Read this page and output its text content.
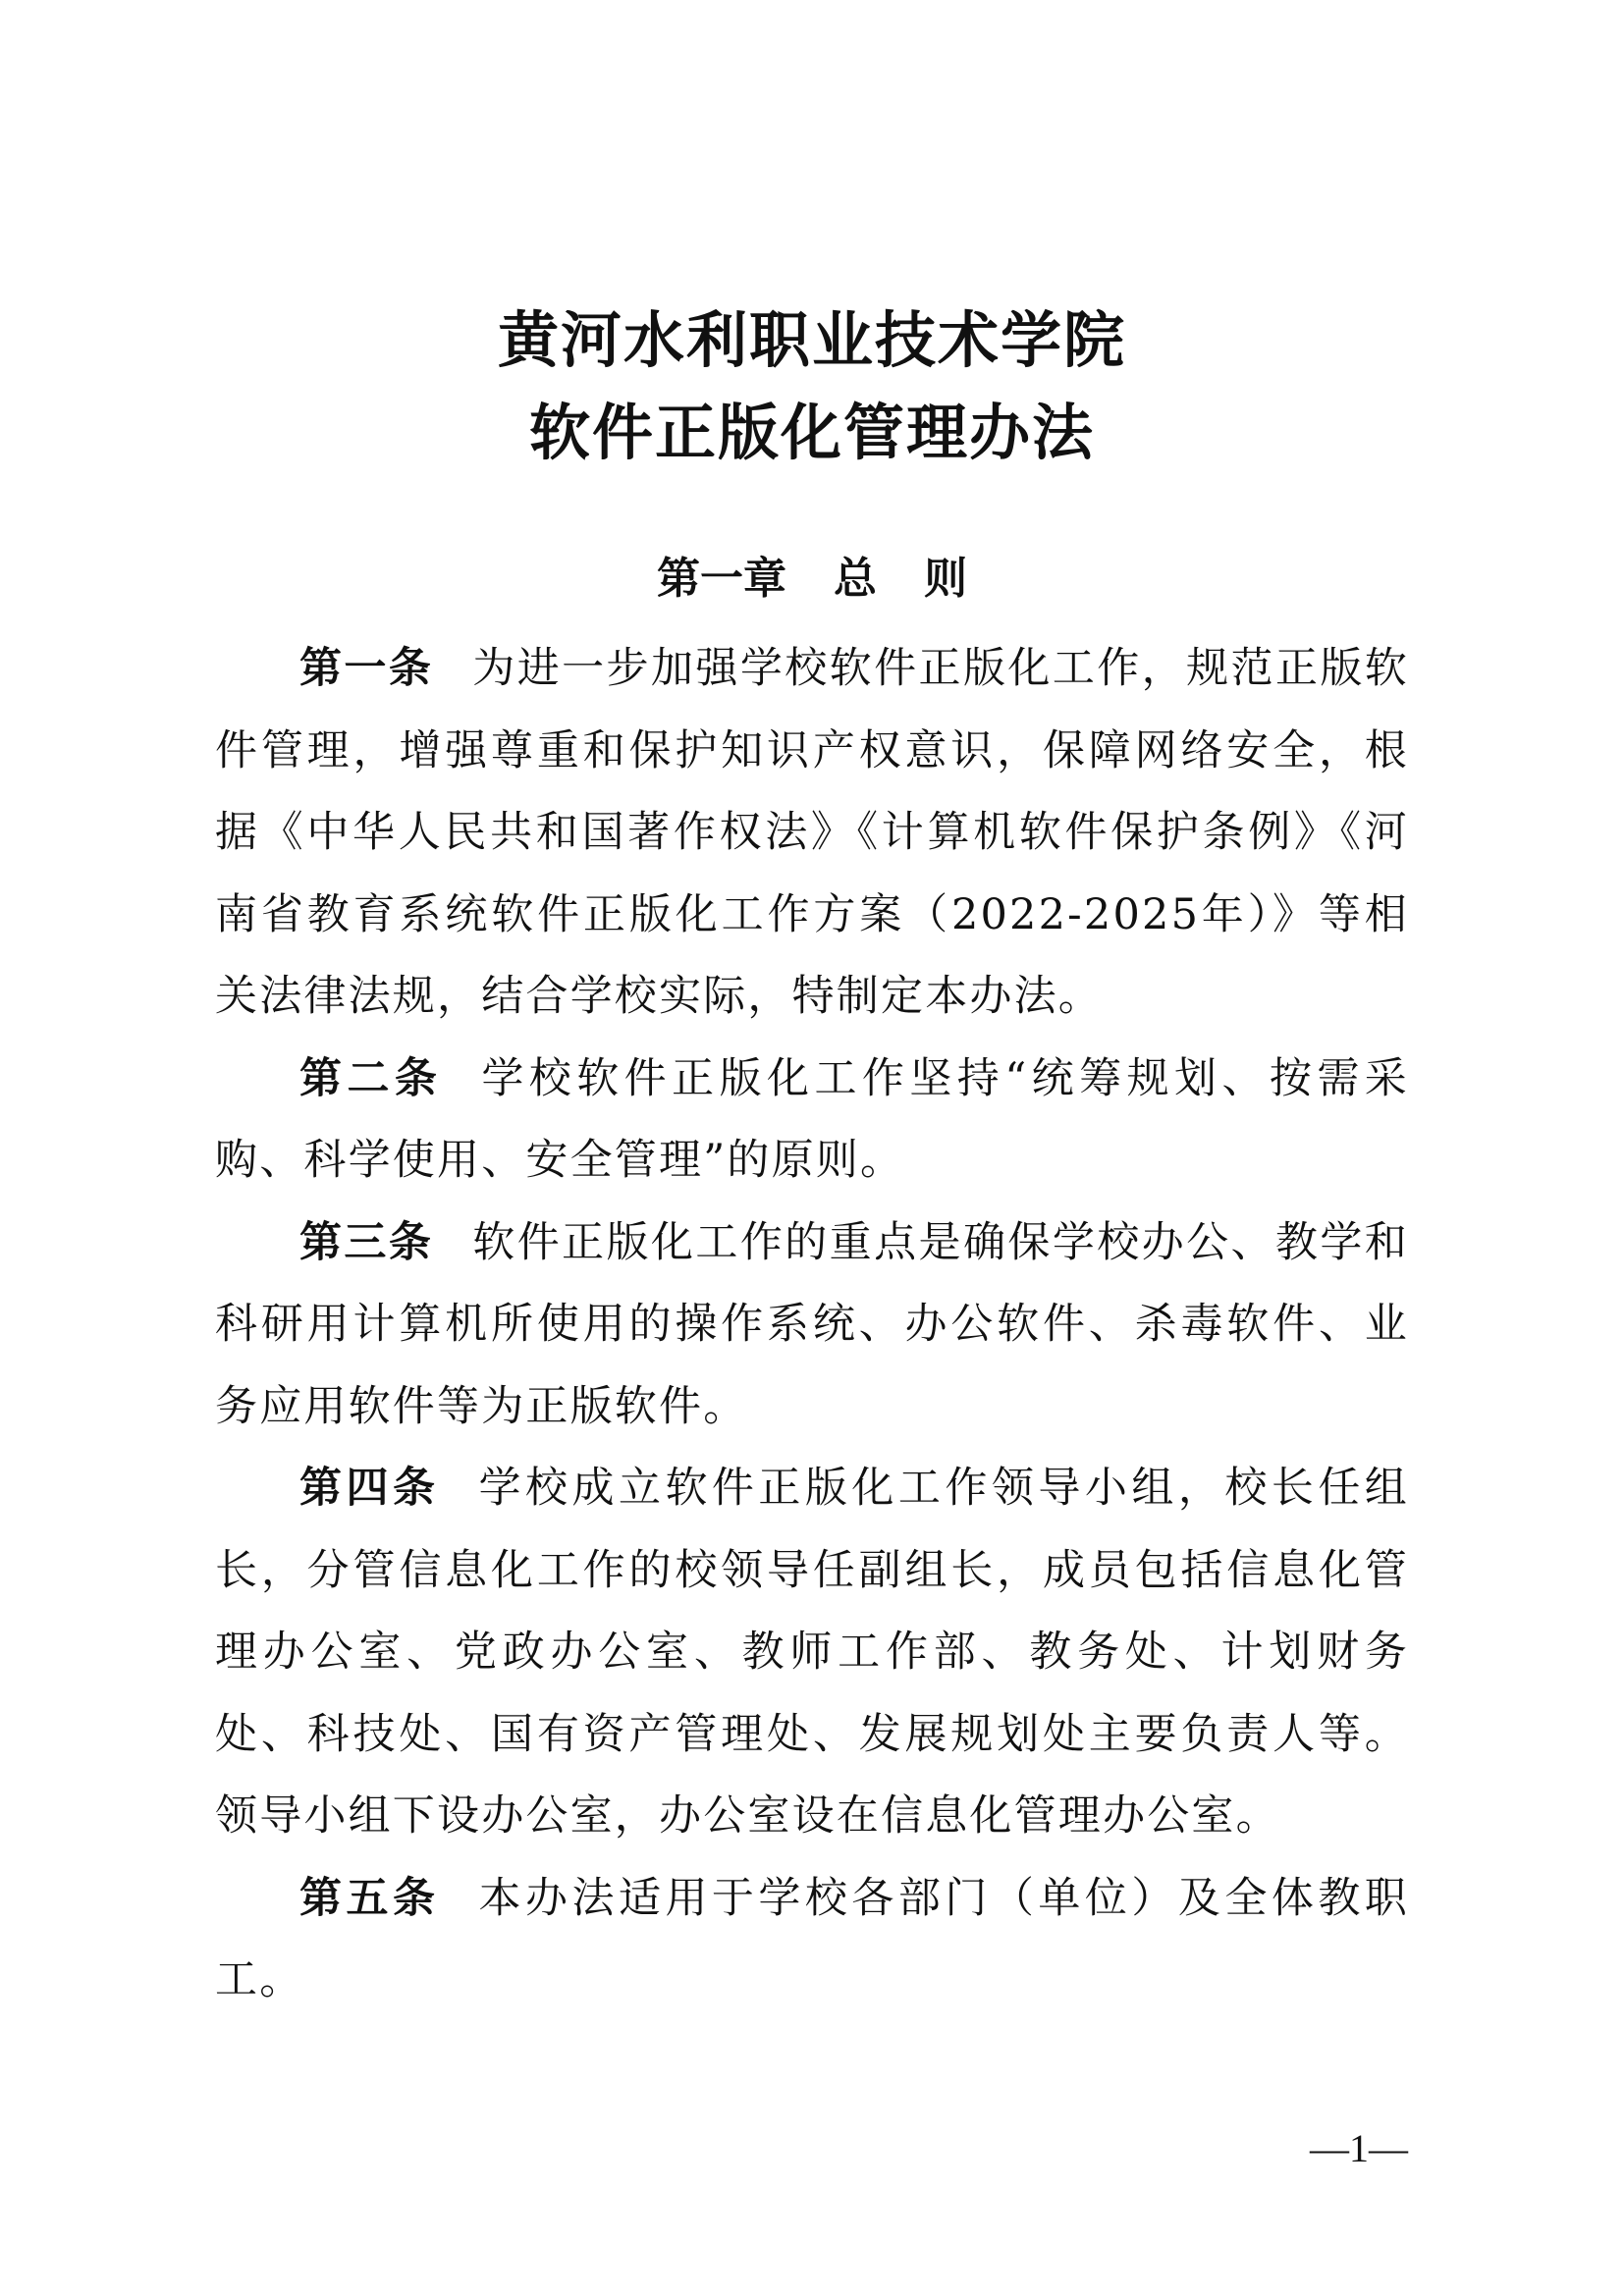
黄河水利职业技术学院
软件正版化管理办法
第一章 总 则

第一条 为进一步加强学校软件正版化工作，规范正版软件管理，增强尊重和保护知识产权意识，保障网络安全，根据《中华人民共和国著作权法》《计算机软件保护条例》《河南省教育系统软件正版化工作方案（2022-2025年）》等相关法律法规，结合学校实际，特制定本办法。

第二条 学校软件正版化工作坚持“统筹规划、按需采购、科学使用、安全管理”的原则。

第三条 软件正版化工作的重点是确保学校办公、教学和科研用计算机所使用的操作系统、办公软件、杀毒软件、业务应用软件等为正版软件。

第四条 学校成立软件正版化工作领导小组，校长任组长，分管信息化工作的校领导任副组长，成员包括信息化管理办公室、党政办公室、教师工作部、教务处、计划财务处、科技处、国有资产管理处、发展规划处主要负责人等。领导小组下设办公室，办公室设在信息化管理办公室。

第五条 本办法适用于学校各部门（单位）及全体教职工。

—1—
